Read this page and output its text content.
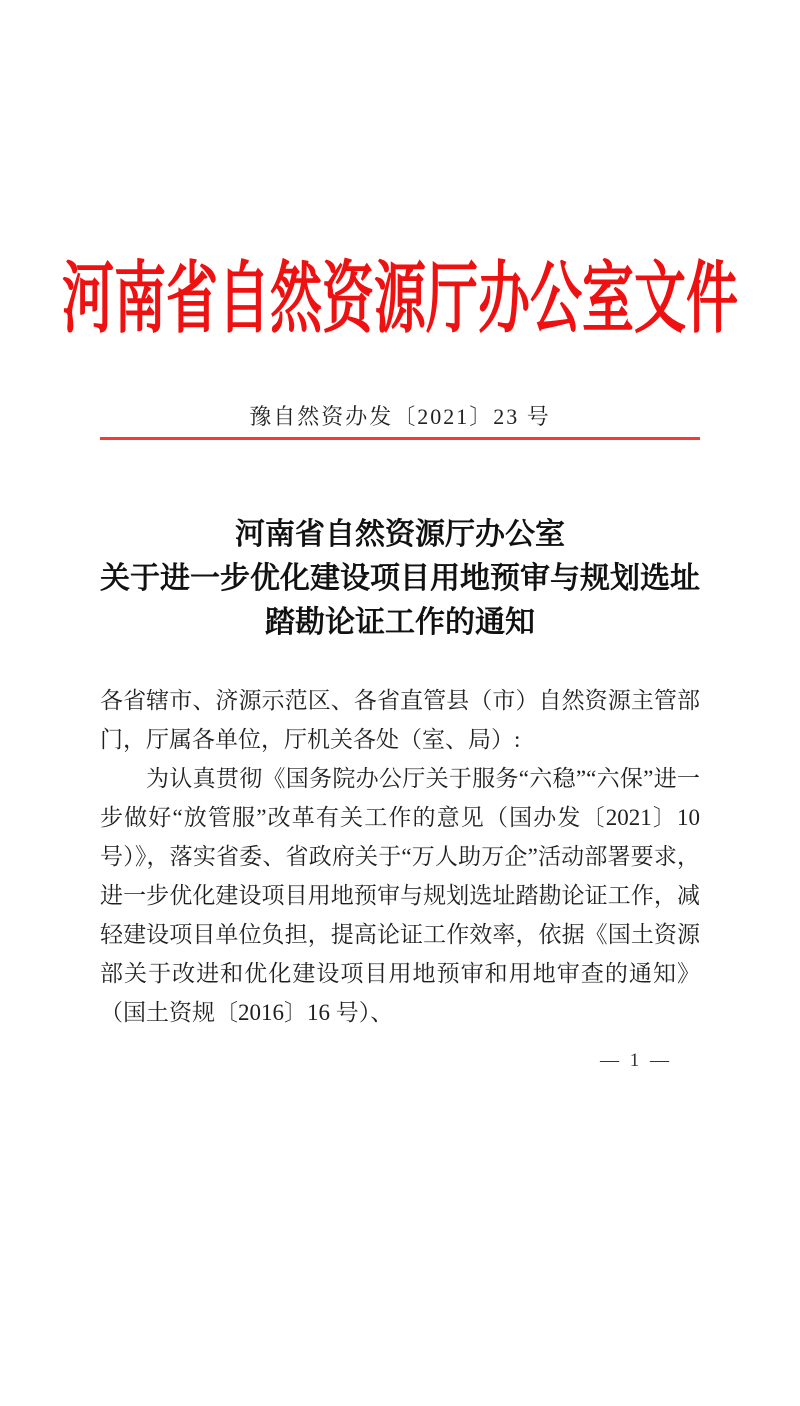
河南省自然资源厅办公室文件
豫自然资办发〔2021〕23 号
河南省自然资源厅办公室
关于进一步优化建设项目用地预审与规划选址
踏勘论证工作的通知

各省辖市、济源示范区、各省直管县（市）自然资源主管部门，厅属各单位，厅机关各处（室、局）:

为认真贯彻《国务院办公厅关于服务“六稳”“六保”进一步做好“放管服”改革有关工作的意见（国办发〔2021〕10 号）》，落实省委、省政府关于“万人助万企”活动部署要求，进一步优化建设项目用地预审与规划选址踏勘论证工作，减轻建设项目单位负担，提高论证工作效率，依据《国土资源部关于改进和优化建设项目用地预审和用地审查的通知》（国土资规〔2016〕16 号）、

— 1 —
